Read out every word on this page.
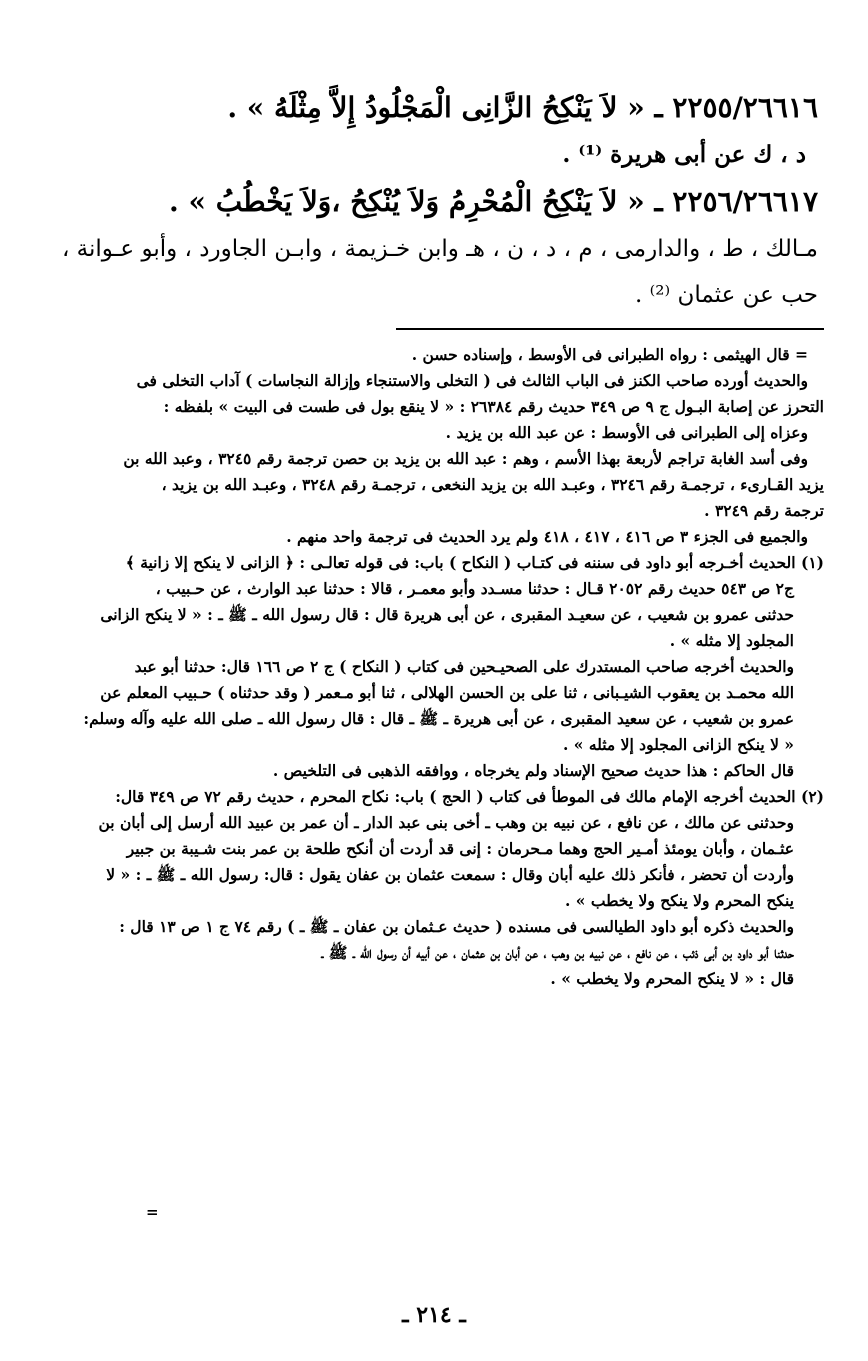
٢٢٥٥/٢٦٦١٦ ـ « لاَ يَنْكِحُ الزَّانِى الْمَجْلُودُ إِلاَّ مِثْلَهُ » .

د ، ك عن أبى هريرة ⁽¹⁾ .

٢٢٥٦/٢٦٦١٧ ـ « لاَ يَنْكِحُ الْمُحْرِمُ وَلاَ يُنْكِحُ ،وَلاَ يَخْطُبُ » .

مـالك ، ط ، والدارمى ، م ، د ، ن ، هـ وابن خـزيمة ، وابـن الجاورد ، وأبو عـوانة ،
حب عن عثمان ⁽²⁾ .
= قال الهيثمى : رواه الطبرانى فى الأوسط ، وإسناده حسن .
والحديث أورده صاحب الكنز فى الباب الثالث فى ( التخلى والاستنجاء وإزالة النجاسات ) آداب التخلى فى
التحرز عن إصابة البـول ج ٩ ص ٣٤٩ حديث رقم ٢٦٣٨٤ : « لا ينقع بول فى طست فى البيت » بلفظه :
وعزاه إلى الطبرانى فى الأوسط : عن عبد الله بن يزيد .
وفى أسد الغابة تراجم لأربعة بهذا الأسم ، وهم : عبد الله بن يزيد بن حصن ترجمة رقم ٣٢٤٥ ، وعبد الله بن
يزيد القـارىء ، ترجمـة رقم ٣٢٤٦ ، وعبـد الله بن يزيد النخعى ، ترجمـة رقم ٣٢٤٨ ، وعبـد الله بن يزيد ،
ترجمة رقم ٣٢٤٩ .
والجميع فى الجزء ٣ ص ٤١٦ ، ٤١٧ ، ٤١٨ ولم يرد الحديث فى ترجمة واحد منهم .
(١) الحديث أخـرجه أبو داود فى سننه فى كتـاب ( النكاح ) باب: فى قوله تعالـى : ﴿ الزانى لا ينكح إلا زانية ﴾
ج٢ ص ٥٤٣ حديث رقم ٢٠٥٢ قـال : حدثنا مسـدد وأبو معمـر ، قالا : حدثنا عبد الوارث ، عن حـبيب ،
حدثنى عمرو بن شعيب ، عن سعيـد المقبرى ، عن أبى هريرة قال : قال رسول الله ـ ﷺ ـ : « لا ينكح الزانى
المجلود إلا مثله » .
والحديث أخرجه صاحب المستدرك على الصحيـحين فى كتاب ( النكاح ) ج ٢ ص ١٦٦ قال: حدثنا أبو عبد
الله محمـد بن يعقوب الشيـبانى ، ثنا على بن الحسن الهلالى ، ثنا أبو مـعمر ( وقد حدثناه ) حـبيب المعلم عن
عمرو بن شعيب ، عن سعيد المقبرى ، عن أبى هريرة ـ ﷺ ـ قال : قال رسول الله ـ صلى الله عليه وآله وسلم:
« لا ينكح الزانى المجلود إلا مثله » .
قال الحاكم : هذا حديث صحيح الإسناد ولم يخرجاه ، ووافقه الذهبى فى التلخيص .
(٢) الحديث أخرجه الإمام مالك فى الموطأ فى كتاب ( الحج ) باب: نكاح المحرم ، حديث رقم ٧٢ ص ٣٤٩ قال:
وحدثنى عن مالك ، عن نافع ، عن نبيه بن وهب ـ أخى بنى عبد الدار ـ أن عمر بن عبيد الله أرسل إلى أبان بن
عثـمان ، وأبان يومئذ أمـير الحج وهما مـحرمان : إنى قد أردت أن أنكح طلحة بن عمر بنت شـيبة بن جبير
وأردت أن تحضر ، فأنكر ذلك عليه أبان وقال : سمعت عثمان بن عفان يقول : قال: رسول الله ـ ﷺ ـ : « لا
ينكح المحرم ولا ينكح ولا يخطب » .
والحديث ذكره أبو داود الطيالسى فى مسنده ( حديث عـثمان بن عفان ـ ﷺ ـ ) رقم ٧٤ ج ١ ص ١٣ قال :
حدثنا أبو داود بن أبى ذئب ، عن نافع ، عن نبيه بن وهب ، عن أبان بن عثمان ، عن أبيه أن رسول الله ـ ﷺ ـ
قال : « لا ينكح المحرم ولا يخطب » .
=
ـ ٢١٤ ـ
